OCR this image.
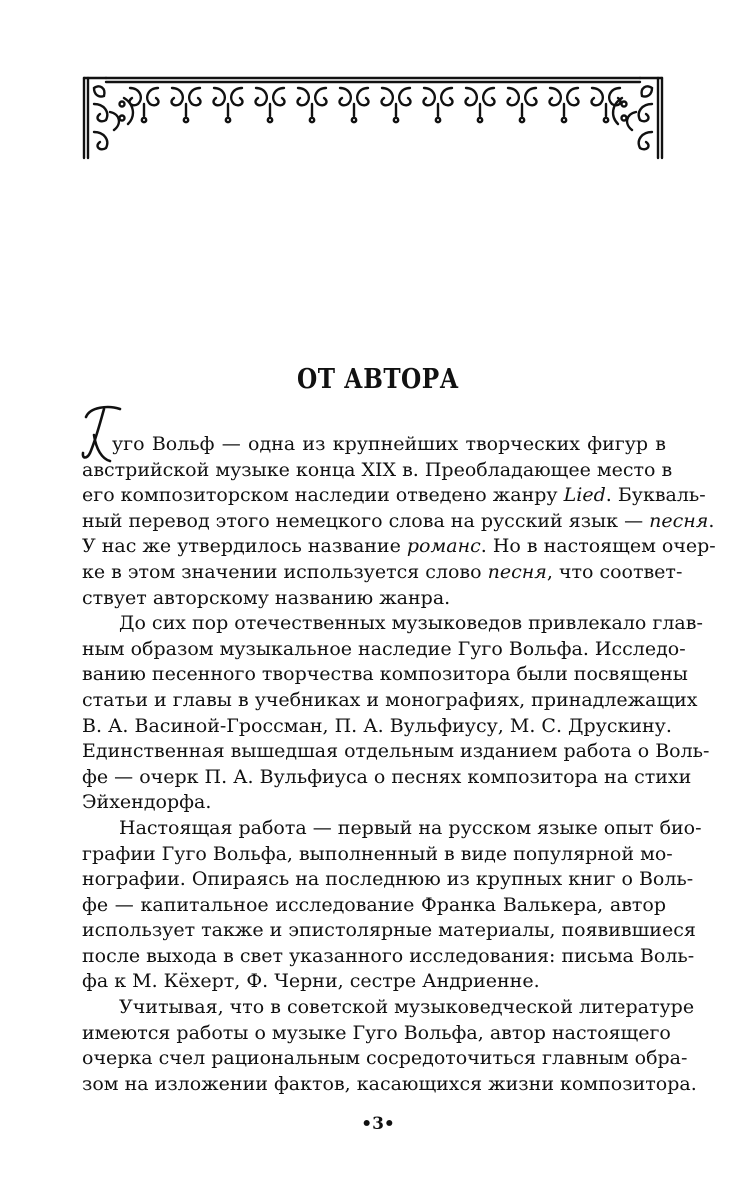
ОТ АВТОРА
уго Вольф — одна из крупнейших творческих фигур в
австрийской музыке конца XIX в. Преобладающее место в
его композиторском наследии отведено жанру Lied. Букваль-
ный перевод этого немецкого слова на русский язык — песня.
У нас же утвердилось название романс. Но в настоящем очер-
ке в этом значении используется слово песня, что соответ-
ствует авторскому названию жанра.
До сих пор отечественных музыковедов привлекало глав-
ным образом музыкальное наследие Гуго Вольфа. Исследо-
ванию песенного творчества композитора были посвящены
статьи и главы в учебниках и монографиях, принадлежащих
В. А. Васиной-Гроссман, П. А. Вульфиусу, М. С. Друскину.
Единственная вышедшая отдельным изданием работа о Воль-
фе — очерк П. А. Вульфиуса о песнях композитора на стихи
Эйхендорфа.
Настоящая работа — первый на русском языке опыт био-
графии Гуго Вольфа, выполненный в виде популярной мо-
нографии. Опираясь на последнюю из крупных книг о Воль-
фе — капитальное исследование Франка Валькера, автор
использует также и эпистолярные материалы, появившиеся
после выхода в свет указанного исследования: письма Воль-
фа к М. Кёхерт, Ф. Черни, сестре Андриенне.
Учитывая, что в советской музыковедческой литературе
имеются работы о музыке Гуго Вольфа, автор настоящего
очерка счел рациональным сосредоточиться главным обра-
зом на изложении фактов, касающихся жизни композитора.
•3•
